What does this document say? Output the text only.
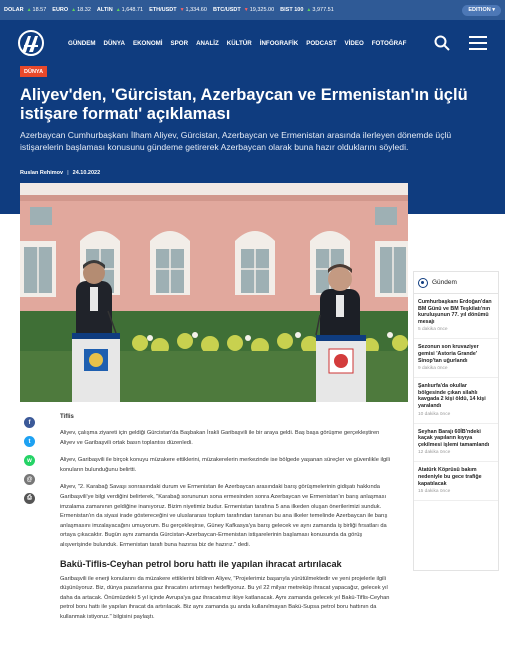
DOLAR ▲ 18.57 EURO ▲ 18.32 ALTIN ▲ 1,648.71 ETH/USDT ▼ 1,334.60 BTC/USDT ▼ 19,325.00 BIST 100 ▲ 3,977.51	EDITION ▾
GÜNDEM DÜNYA EKONOMİ SPOR ANALİZ KÜLTÜR İNFOGRAFİK PODCAST VİDEO FOTOĞRAF
DÜNYA
Aliyev'den, 'Gürcistan, Azerbaycan ve Ermenistan'ın üçlü istişare formatı' açıklaması

Azerbaycan Cumhurbaşkanı İlham Aliyev, Gürcistan, Azerbaycan ve Ermenistan arasında ilerleyen dönemde üçlü istişarelerin başlaması konusunu gündeme getirerek Azerbaycan olarak buna hazır olduklarını söyledi.

Ruslan Rehimov | 24.10.2022
f
t
w
@
⎙
Tiflis

Aliyev, çalışma ziyareti için geldiği Gürcistan'da Başbakan İrakli Garibaşvili ile bir araya geldi. Baş başa görüşme gerçekleştiren Aliyev ve Garibaşvili ortak basın toplantısı düzenledi.

Aliyev, Garibaşvili ile birçok konuyu müzakere ettiklerini, müzakerelerin merkezinde ise bölgede yaşanan süreçler ve güvenlikle ilgili konuların bulunduğunu belirtti.

Aliyev, "2. Karabağ Savaşı sonrasındaki durum ve Ermenistan ile Azerbaycan arasındaki barış görüşmelerinin gidişatı hakkında Garibaşvili'ye bilgi verdiğini belirterek, "Karabağ sorununun sona ermesinden sonra Azerbaycan ve Ermenistan'ın barış anlaşması imzalama zamanının geldiğine inanıyoruz. Bizim niyetimiz budur. Ermenistan tarafına 5 ana ilkeden oluşan önerilerimizi sunduk. Ermenistan'ın da siyasi irade göstereceğini ve uluslararası toplum tarafından tanınan bu ana ilkeler temelinde Azerbaycan ile barış anlaşmasını imzalayacağını umuyorum. Bu gerçekleşirse, Güney Kafkasya'ya barış gelecek ve aynı zamanda iş birliği fırsatları da ortaya çıkacaktır. Bugün aynı zamanda Gürcistan-Azerbaycan-Ermenistan istişarelerinin başlaması konusunda da görüş alışverişinde bulunduk. Ermenistan tarafı buna hazırsa biz de hazırız." dedi.

Bakü-Tiflis-Ceyhan petrol boru hattı ile yapılan ihracat artırılacak

Garibaşvili ile enerji konularını da müzakere ettiklerini bildiren Aliyev, "Projelerimiz başarıyla yürütülmektedir ve yeni projelerle ilgili düşünüyoruz. Biz, dünya pazarlarına gaz ihracatını artırmayı hedefliyoruz. Bu yıl 22 milyar metreküp ihracat yapacağız, gelecek yıl daha da artacak. Önümüzdeki 5 yıl içinde Avrupa'ya gaz ihracatımız ikiye katlanacak. Aynı zamanda gelecek yıl Bakü-Tiflis-Ceyhan petrol boru hattı ile yapılan ihracat da artırılacak. Biz aynı zamanda şu anda kullanılmayan Bakü-Supsa petrol boru hattının da kullanmak istiyoruz." bilgisini paylaştı.

Gündem
Cumhurbaşkanı Erdoğan'dan BM Günü ve BM Teşkilatı'nın kuruluşunun 77. yıl dönümü mesajı
5 dakika önce
Sezonun son kruvaziyer gemisi 'Astoria Grande' Sinop'tan uğurlandı
9 dakika önce
Şanlıurfa'da okullar bölgesinde çıkan silahlı kavgada 2 kişi öldü, 14 kişi yaralandı
10 dakika önce
Seyhan Barajı 60İB'ndeki kaçak yapıların kıyıya çekilmesi işlemi tamamlandı
12 dakika önce
Atatürk Köprüsü bakım nedeniyle bu gece trafiğe kapatılacak
15 dakika önce
